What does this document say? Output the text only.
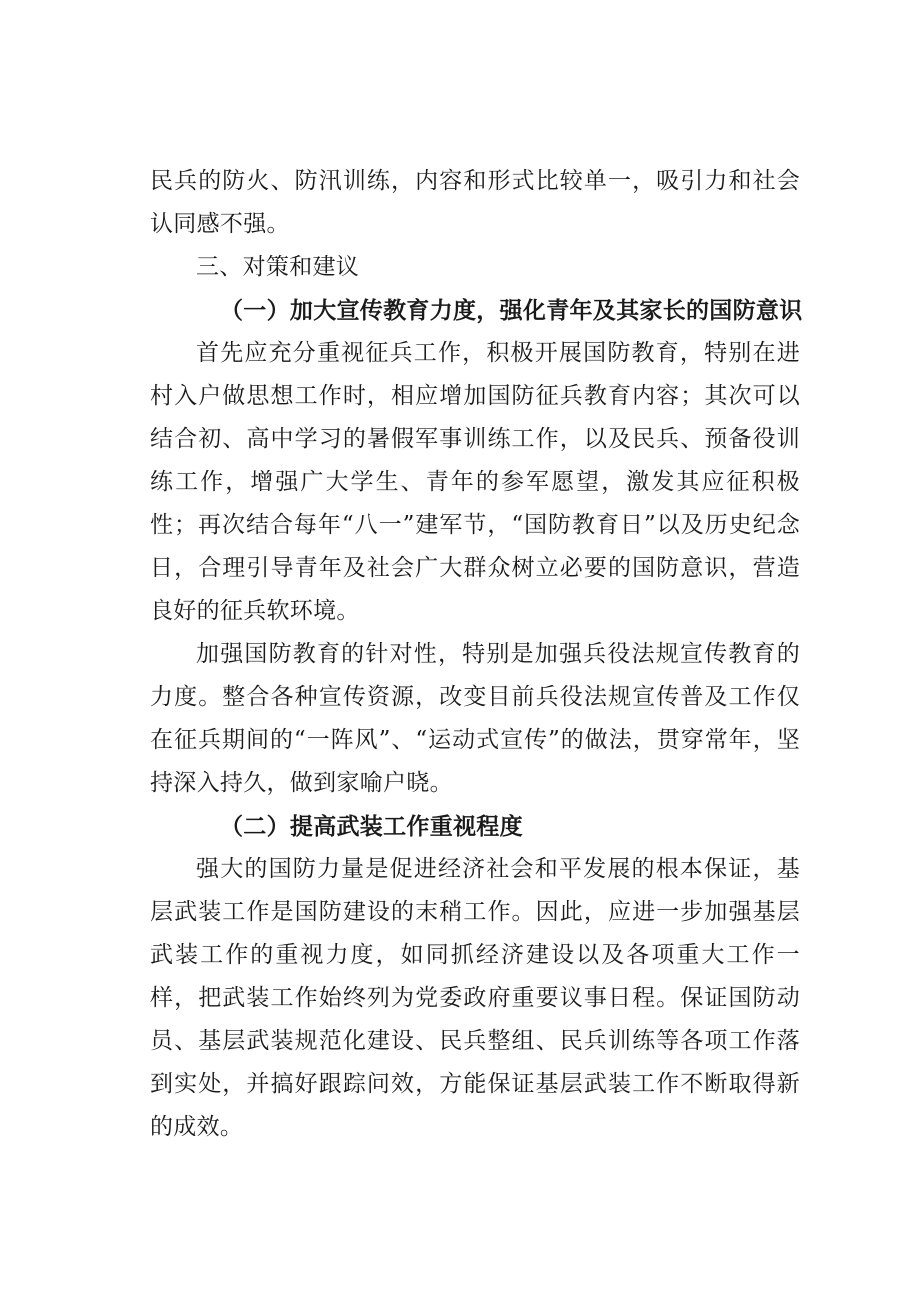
民兵的防火、防汛训练，内容和形式比较单一，吸引力和社会认同感不强。

三、对策和建议

（一）加大宣传教育力度，强化青年及其家长的国防意识

首先应充分重视征兵工作，积极开展国防教育，特别在进村入户做思想工作时，相应增加国防征兵教育内容；其次可以结合初、高中学习的暑假军事训练工作，以及民兵、预备役训练工作，增强广大学生、青年的参军愿望，激发其应征积极性；再次结合每年“八一”建军节，“国防教育日”以及历史纪念日，合理引导青年及社会广大群众树立必要的国防意识，营造良好的征兵软环境。

加强国防教育的针对性，特别是加强兵役法规宣传教育的力度。整合各种宣传资源，改变目前兵役法规宣传普及工作仅在征兵期间的“一阵风”、“运动式宣传”的做法，贯穿常年，坚持深入持久，做到家喻户晓。

（二）提高武装工作重视程度

强大的国防力量是促进经济社会和平发展的根本保证，基层武装工作是国防建设的末稍工作。因此，应进一步加强基层武装工作的重视力度，如同抓经济建设以及各项重大工作一样，把武装工作始终列为党委政府重要议事日程。保证国防动员、基层武装规范化建设、民兵整组、民兵训练等各项工作落到实处，并搞好跟踪问效，方能保证基层武装工作不断取得新的成效。
